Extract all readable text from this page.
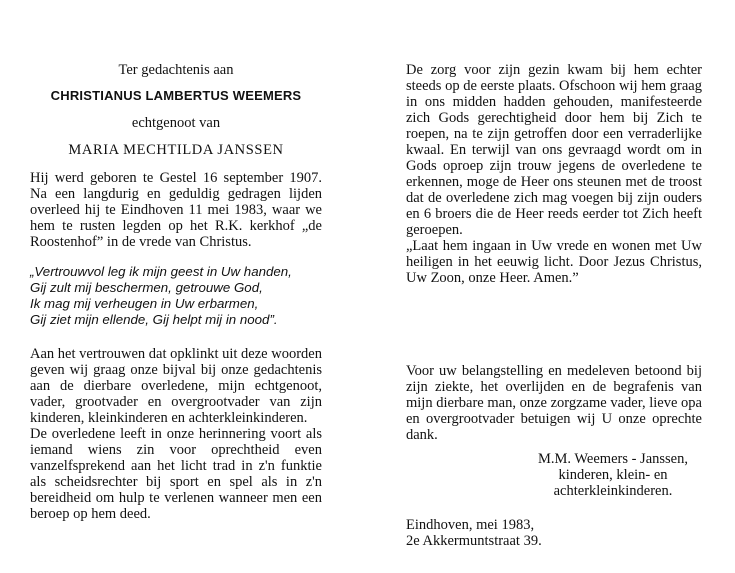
Ter gedachtenis aan
CHRISTIANUS LAMBERTUS WEEMERS
echtgenoot van
MARIA MECHTILDA JANSSEN

Hij werd geboren te Gestel 16 september 1907. Na een langdurig en geduldig gedragen lijden overleed hij te Eindhoven 11 mei 1983, waar we hem te rusten legden op het R.K. kerkhof „de Roostenhof” in de vrede van Christus.

„Vertrouwvol leg ik mijn geest in Uw handen,
Gij zult mij beschermen, getrouwe God,
Ik mag mij verheugen in Uw erbarmen,
Gij ziet mijn ellende, Gij helpt mij in nood”.

Aan het vertrouwen dat opklinkt uit deze woorden geven wij graag onze bijval bij onze gedachtenis aan de dierbare overledene, mijn echtgenoot, vader, grootvader en overgrootvader van zijn kinderen, kleinkinderen en achterkleinkinderen.

De overledene leeft in onze herinnering voort als iemand wiens zin voor oprechtheid even vanzelfsprekend aan het licht trad in z'n funktie als scheidsrechter bij sport en spel als in z'n bereidheid om hulp te verlenen wanneer men een beroep op hem deed.

De zorg voor zijn gezin kwam bij hem echter steeds op de eerste plaats. Ofschoon wij hem graag in ons midden hadden gehouden, manifesteerde zich Gods gerechtigheid door hem bij Zich te roepen, na te zijn getroffen door een verraderlijke kwaal. En terwijl van ons gevraagd wordt om in Gods oproep zijn trouw jegens de overledene te erkennen, moge de Heer ons steunen met de troost dat de overledene zich mag voegen bij zijn ouders en 6 broers die de Heer reeds eerder tot Zich heeft geroepen.

„Laat hem ingaan in Uw vrede en wonen met Uw heiligen in het eeuwig licht. Door Jezus Christus, Uw Zoon, onze Heer. Amen.”

Voor uw belangstelling en medeleven betoond bij zijn ziekte, het overlijden en de begrafenis van mijn dierbare man, onze zorgzame vader, lieve opa en overgrootvader betuigen wij U onze oprechte dank.

M.M. Weemers - Janssen,
kinderen, klein- en
achterkleinkinderen.
Eindhoven, mei 1983,
2e Akkermuntstraat 39.
